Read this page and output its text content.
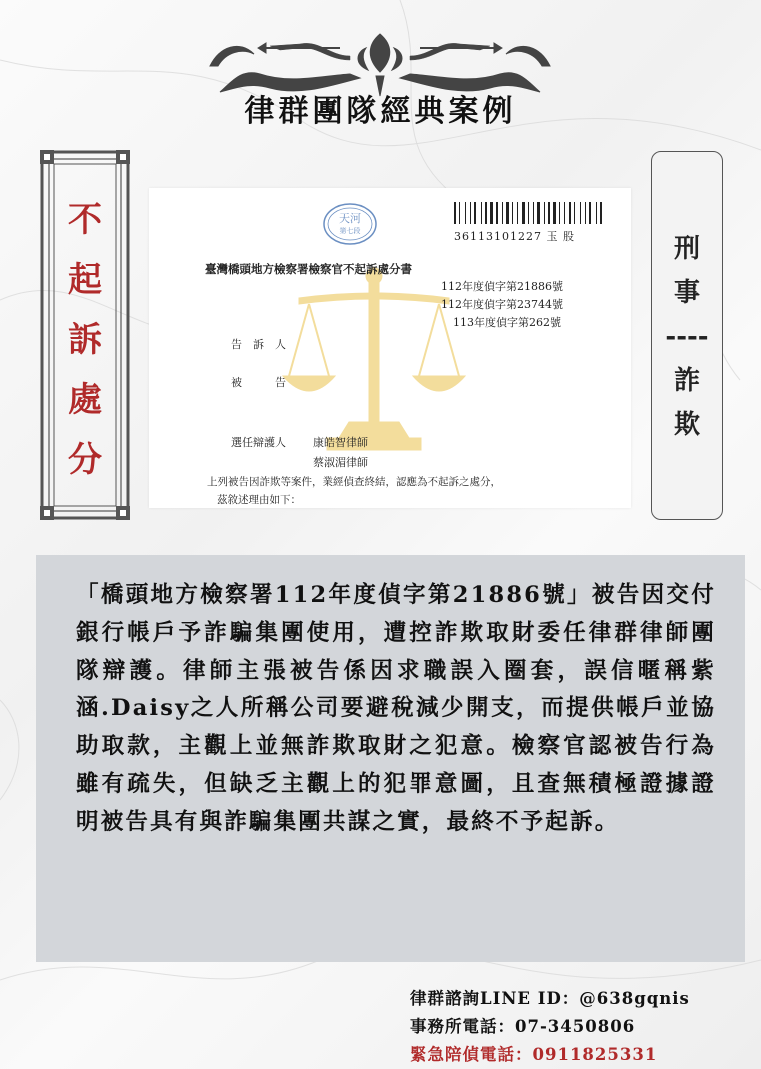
律群團隊經典案例
不
起
訴
處
分
刑
事
----
詐
欺
天河
第七段	36113101227 玉 股
臺灣橋頭地方檢察署檢察官不起訴處分書
112年度偵字第21886號
112年度偵字第23744號
113年度偵字第262號
告　訴　人
被　　　告
選任辯護人 康皓智律師
蔡淑湄律師
上列被告因詐欺等案件，業經偵查終結，認應為不起訴之處分，
茲敘述理由如下：
「橋頭地方檢察署112年度偵字第21886號」被告因交付銀行帳戶予詐騙集團使用，遭控詐欺取財委任律群律師團隊辯護。律師主張被告係因求職誤入圈套，誤信暱稱紫涵.Daisy之人所稱公司要避稅減少開支，而提供帳戶並協助取款，主觀上並無詐欺取財之犯意。檢察官認被告行為雖有疏失，但缺乏主觀上的犯罪意圖，且查無積極證據證明被告具有與詐騙集團共謀之實，最終不予起訴。
律群諮詢LINE ID：@638gqnis
事務所電話：07-3450806
緊急陪偵電話：0911825331
